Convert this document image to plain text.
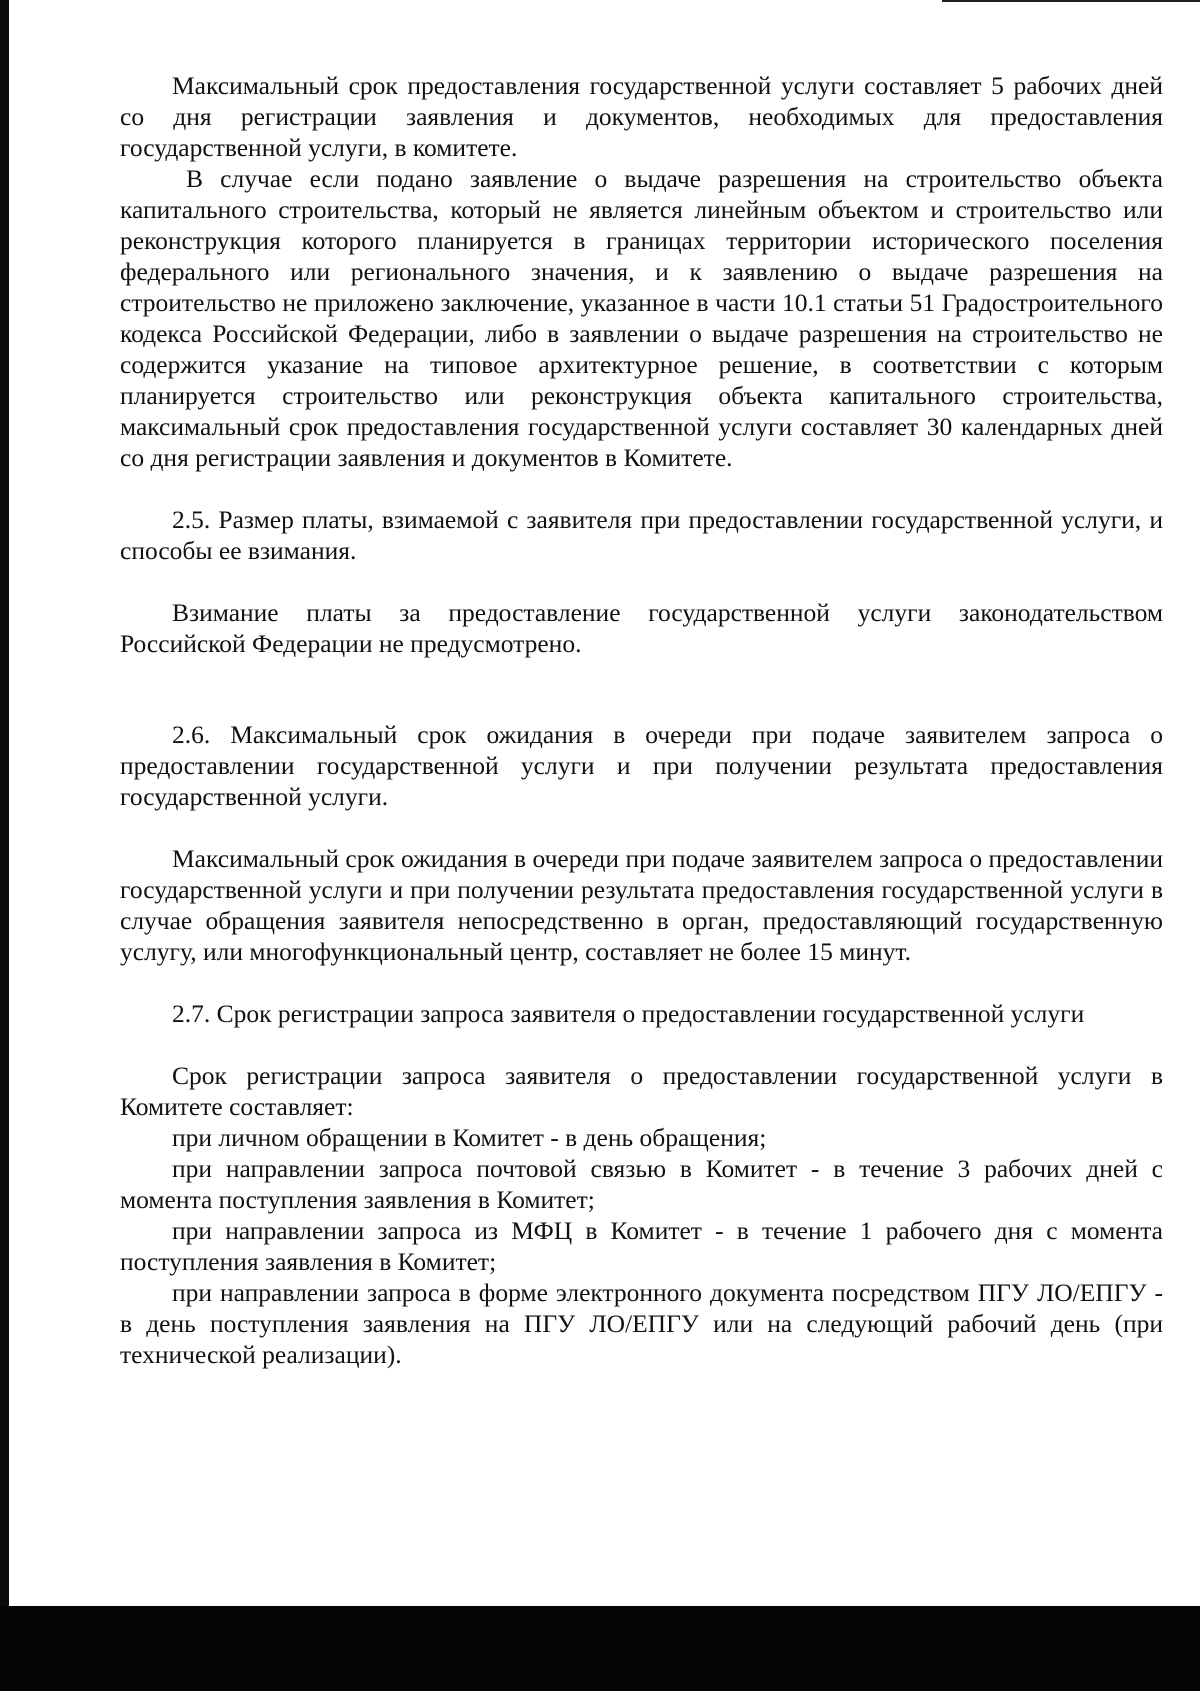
Максимальный срок предоставления государственной услуги составляет 5 рабочих дней со дня регистрации заявления и документов, необходимых для предоставления государственной услуги, в комитете.

В случае если подано заявление о выдаче разрешения на строительство объекта капитального строительства, который не является линейным объектом и строительство или реконструкция которого планируется в границах территории исторического поселения федерального или регионального значения, и к заявлению о выдаче разрешения на строительство не приложено заключение, указанное в части 10.1 статьи 51 Градостроительного кодекса Российской Федерации, либо в заявлении о выдаче разрешения на строительство не содержится указание на типовое архитектурное решение, в соответствии с которым планируется строительство или реконструкция объекта капитального строительства, максимальный срок предоставления государственной услуги составляет 30 календарных дней со дня регистрации заявления и документов в Комитете.

2.5. Размер платы, взимаемой с заявителя при предоставлении государственной услуги, и способы ее взимания.

Взимание платы за предоставление государственной услуги законодательством Российской Федерации не предусмотрено.

2.6. Максимальный срок ожидания в очереди при подаче заявителем запроса о предоставлении государственной услуги и при получении результата предоставления государственной услуги.

Максимальный срок ожидания в очереди при подаче заявителем запроса о предоставлении государственной услуги и при получении результата предоставления государственной услуги в случае обращения заявителя непосредственно в орган, предоставляющий государственную услугу, или многофункциональный центр, составляет не более 15 минут.

2.7. Срок регистрации запроса заявителя о предоставлении государственной услуги

Срок регистрации запроса заявителя о предоставлении государственной услуги в Комитете составляет:

при личном обращении в Комитет - в день обращения;

при направлении запроса почтовой связью в Комитет - в течение 3 рабочих дней с момента поступления заявления в Комитет;

при направлении запроса из МФЦ в Комитет - в течение 1 рабочего дня с момента поступления заявления в Комитет;

при направлении запроса в форме электронного документа посредством ПГУ ЛО/ЕПГУ - в день поступления заявления на ПГУ ЛО/ЕПГУ или на следующий рабочий день (при технической реализации).
